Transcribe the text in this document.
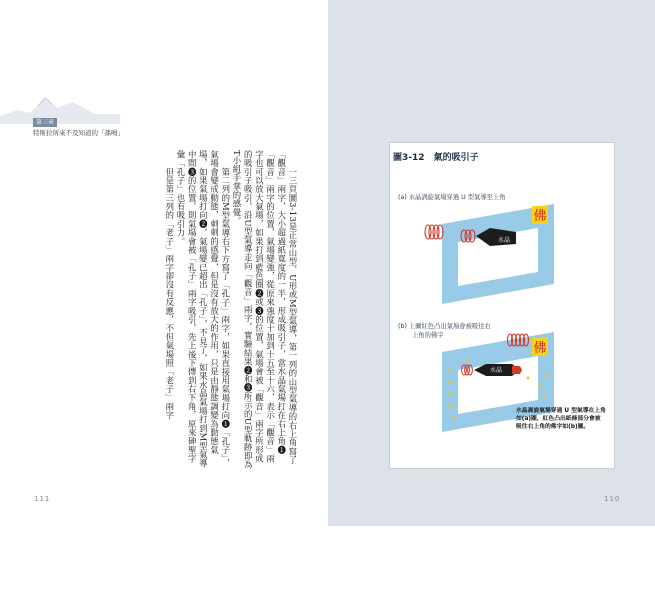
第三章
特斯拉所來不及知道的「孫鳴」

　　一三頁圖3-13是正常山型、U形或M型氣導，第一列的山型氣導的右上角寫了「觀音」兩字，大小超過紙寬度的一半，形成吸引子，當水晶氣場打在右上角❶「觀音」兩字的位置，氣場變強，從原來強度十加到十五至十六，表示「觀音」兩字也可以放大氣場，如果打到藍色圈❷或❸的位置，氣場會被「觀音」兩字所形成的吸引子吸引，沿U型氣導走向「觀音」兩字，實驗結果❷和❸所示的U型軌跡即為T小組手掌的感覺。

　　第二列的M型氣導右下方寫了「孔子」兩字，如果直接用氣場打向❶「孔子」，氣場會變成動態，刺刺的感覺，但是沒有放大的作用，只是由靜態調變為動態氣場，如果氣場打向❷，氣場變已超出「孔子」，不見了，如果水晶氣場打到M型氣導中間❸的位置，則氣場會被「孔子」兩字吸引，先上後下傳到右下角，原來砷聖字彙「孔子」也有吸引力。

　　但是第三列的「老子」兩字卻沒有反應，不但氣場照「老子」兩字

111
圖3-12 氣的吸引子
(a) 水晶涡旋氣場穿過 U 型氣導至上角
佛
水晶
(b) 上圖紅色凸出氣場會被吸往右
上角的佛字
佛
水晶
水晶渦旋氣場穿過 U 型氣導在上角如(a)圖，紅色凸出紙條部分會被吸往右上角的佛字如(b)圖。
110
